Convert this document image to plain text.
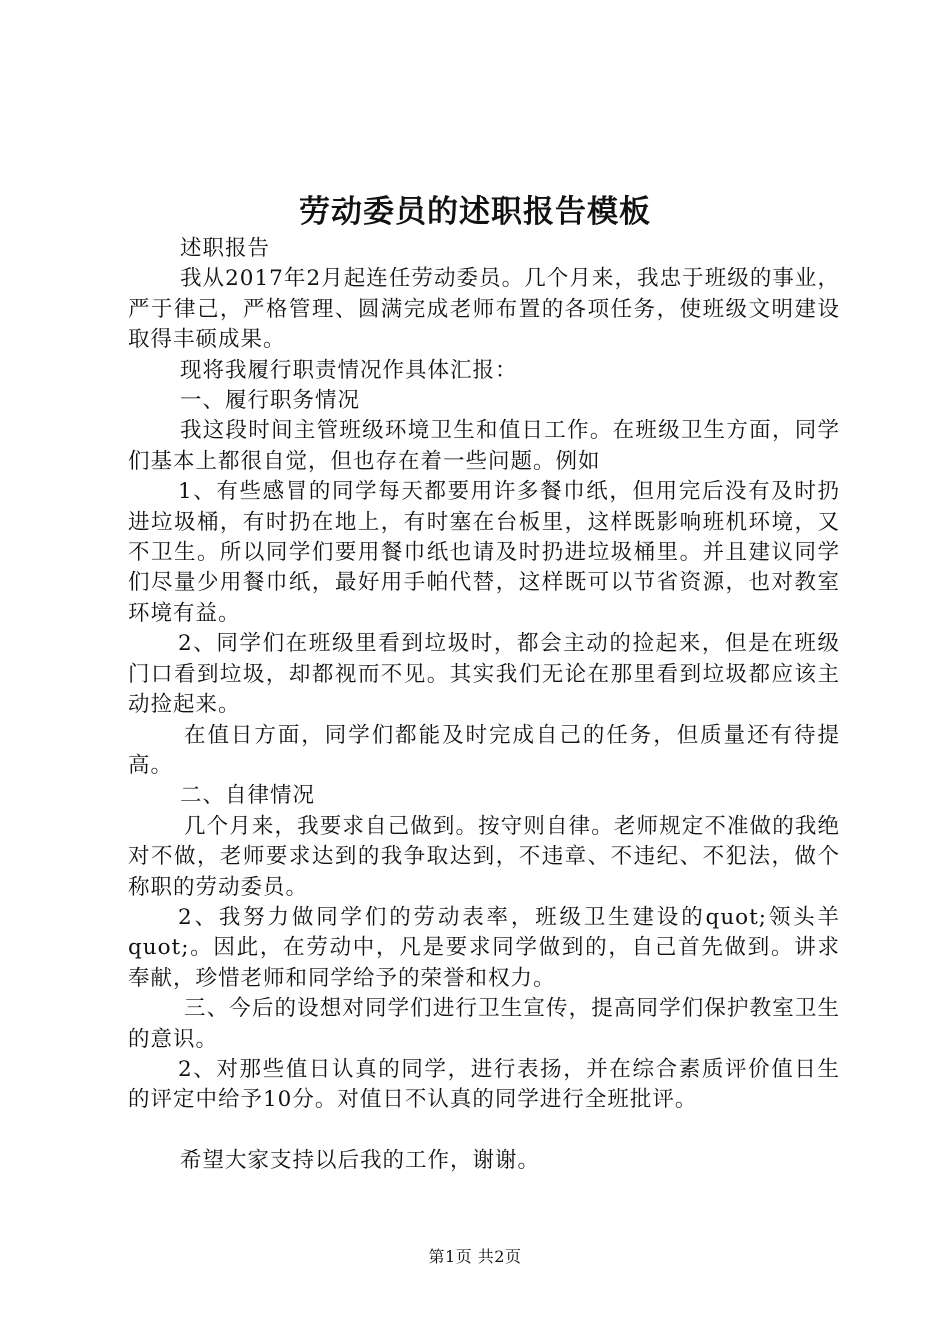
劳动委员的述职报告模板

述职报告

我从2017年2月起连任劳动委员。几个月来，我忠于班级的事业，严于律己，严格管理、圆满完成老师布置的各项任务，使班级文明建设取得丰硕成果。

现将我履行职责情况作具体汇报：

一、履行职务情况

我这段时间主管班级环境卫生和值日工作。在班级卫生方面，同学们基本上都很自觉，但也存在着一些问题。例如

1、有些感冒的同学每天都要用许多餐巾纸，但用完后没有及时扔进垃圾桶，有时扔在地上，有时塞在台板里，这样既影响班机环境，又不卫生。所以同学们要用餐巾纸也请及时扔进垃圾桶里。并且建议同学们尽量少用餐巾纸，最好用手帕代替，这样既可以节省资源，也对教室环境有益。

2、同学们在班级里看到垃圾时，都会主动的捡起来，但是在班级门口看到垃圾，却都视而不见。其实我们无论在那里看到垃圾都应该主动捡起来。

在值日方面，同学们都能及时完成自己的任务，但质量还有待提高。

二、自律情况

几个月来，我要求自己做到。按守则自律。老师规定不准做的我绝对不做，老师要求达到的我争取达到，不违章、不违纪、不犯法，做个称职的劳动委员。

2、我努力做同学们的劳动表率，班级卫生建设的quot;领头羊quot;。因此，在劳动中，凡是要求同学做到的，自己首先做到。讲求奉献，珍惜老师和同学给予的荣誉和权力。

三、今后的设想对同学们进行卫生宣传，提高同学们保护教室卫生的意识。

2、对那些值日认真的同学，进行表扬，并在综合素质评价值日生的评定中给予10分。对值日不认真的同学进行全班批评。

希望大家支持以后我的工作，谢谢。

第1页 共2页
